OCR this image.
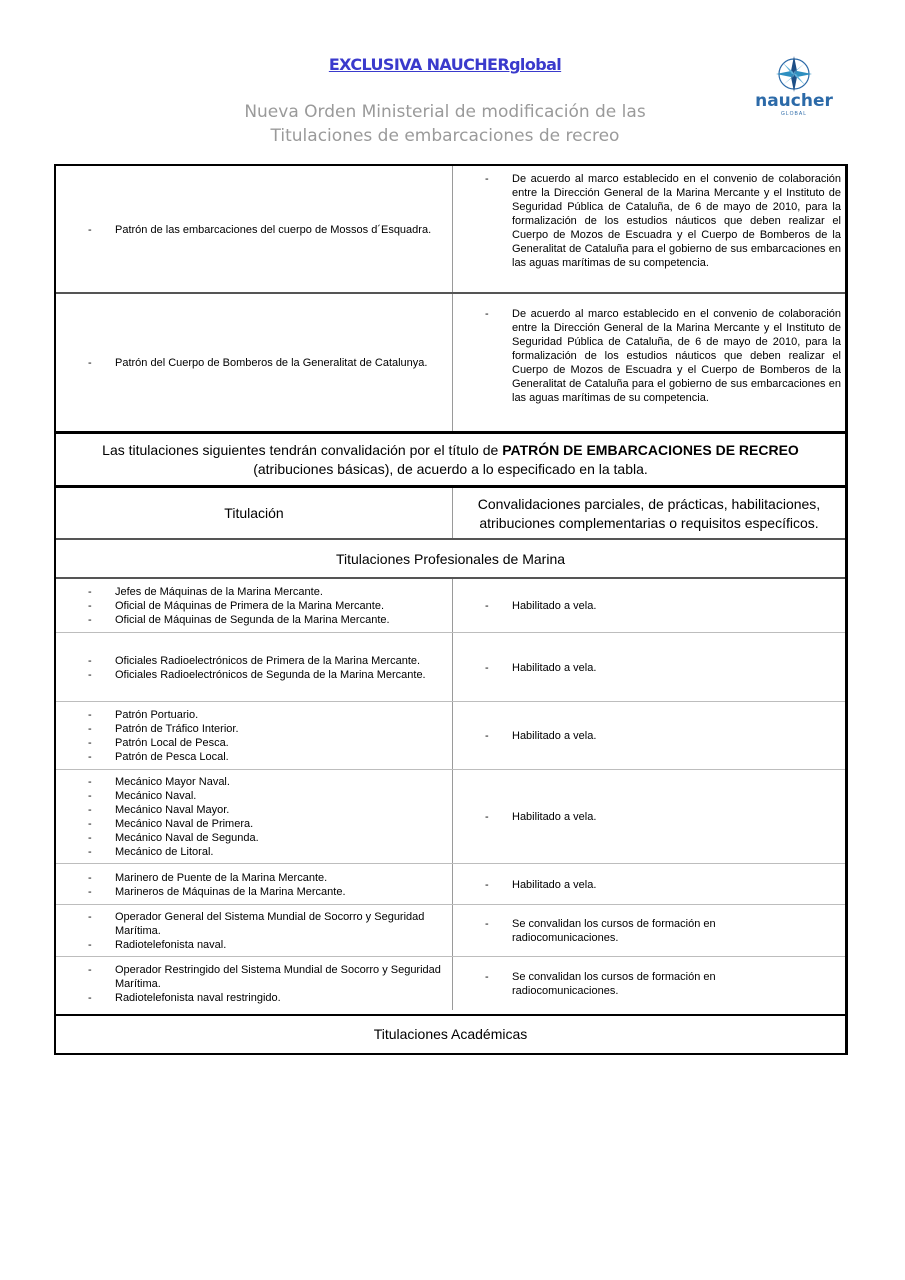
EXCLUSIVA NAUCHERglobal
Nueva Orden Ministerial de modificación de las
Titulaciones de embarcaciones de recreo
naucher
GLOBAL
- Patrón de las embarcaciones del cuerpo de Mossos d´Esquadra.
- De acuerdo al marco establecido en el convenio de colaboración entre la Dirección General de la Marina Mercante y el Instituto de Seguridad Pública de Cataluña, de 6 de mayo de 2010, para la formalización de los estudios náuticos que deben realizar el Cuerpo de Mozos de Escuadra y el Cuerpo de Bomberos de la Generalitat de Cataluña para el gobierno de sus embarcaciones en las aguas marítimas de su competencia.
- Patrón del Cuerpo de Bomberos de la Generalitat de Catalunya.
- De acuerdo al marco establecido en el convenio de colaboración entre la Dirección General de la Marina Mercante y el Instituto de Seguridad Pública de Cataluña, de 6 de mayo de 2010, para la formalización de los estudios náuticos que deben realizar el Cuerpo de Mozos de Escuadra y el Cuerpo de Bomberos de la Generalitat de Cataluña para el gobierno de sus embarcaciones en las aguas marítimas de su competencia.
Las titulaciones siguientes tendrán convalidación por el título de PATRÓN DE EMBARCACIONES DE RECREO (atribuciones básicas), de acuerdo a lo especificado en la tabla.
Titulación
Convalidaciones parciales, de prácticas, habilitaciones, atribuciones complementarias o requisitos específicos.
Titulaciones Profesionales de Marina
- Jefes de Máquinas de la Marina Mercante.
- Oficial de Máquinas de Primera de la Marina Mercante.
- Oficial de Máquinas de Segunda de la Marina Mercante.
- Habilitado a vela.
- Oficiales Radioelectrónicos de Primera de la Marina Mercante.
- Oficiales Radioelectrónicos de Segunda de la Marina Mercante.
- Habilitado a vela.
- Patrón Portuario.
- Patrón de Tráfico Interior.
- Patrón Local de Pesca.
- Patrón de Pesca Local.
- Habilitado a vela.
- Mecánico Mayor Naval.
- Mecánico Naval.
- Mecánico Naval Mayor.
- Mecánico Naval de Primera.
- Mecánico Naval de Segunda.
- Mecánico de Litoral.
- Habilitado a vela.
- Marinero de Puente de la Marina Mercante.
- Marineros de Máquinas de la Marina Mercante.
- Habilitado a vela.
- Operador General del Sistema Mundial de Socorro y Seguridad Marítima.
- Radiotelefonista naval.
- Se convalidan los cursos de formación en radiocomunicaciones.
- Operador Restringido del Sistema Mundial de Socorro y Seguridad Marítima.
- Radiotelefonista naval restringido.
- Se convalidan los cursos de formación en radiocomunicaciones.
Titulaciones Académicas
